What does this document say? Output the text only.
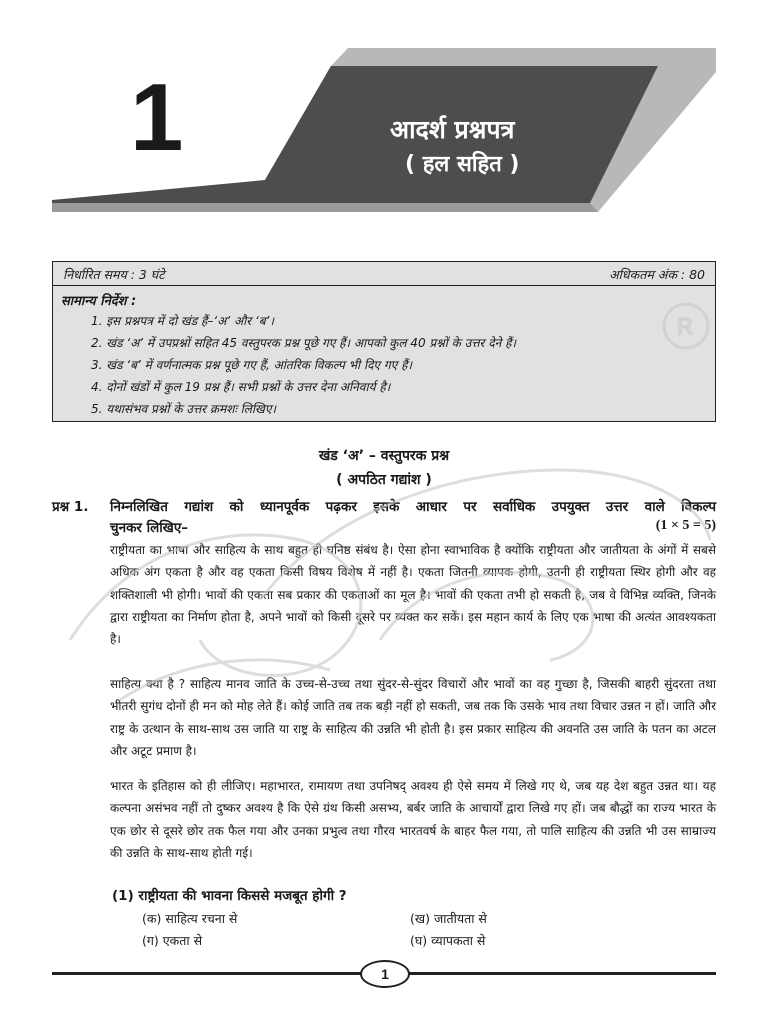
1	आदर्श प्रश्नपत्र
( हल सहित )
निर्धारित समय : 3 घंटे	अधिकतम अंक : 80
सामान्य निर्देश :
1. इस प्रश्नपत्र में दो खंड हैं–‘अ’ और ‘ब’।
2. खंड ‘अ’ में उपप्रश्नों सहित 45 वस्तुपरक प्रश्न पूछे गए हैं। आपको कुल 40 प्रश्नों के उत्तर देने हैं।
3. खंड ‘ब’ में वर्णनात्मक प्रश्न पूछे गए हैं, आंतरिक विकल्प भी दिए गए हैं।
4. दोनों खंडों में कुल 19 प्रश्न हैं। सभी प्रश्नों के उत्तर देना अनिवार्य है।
5. यथासंभव प्रश्नों के उत्तर क्रमशः लिखिए।
खंड ‘अ’ – वस्तुपरक प्रश्न
( अपठित गद्यांश )
प्रश्न 1. निम्नलिखित गद्यांश को ध्यानपूर्वक पढ़कर इसके आधार पर सर्वाधिक उपयुक्त उत्तर वाले विकल्प
चुनकर लिखिए–	(1 × 5 = 5)
राष्ट्रीयता का भाषा और साहित्य के साथ बहुत ही घनिष्ठ संबंध है। ऐसा होना स्वाभाविक है क्योंकि राष्ट्रीयता और जातीयता के अंगों में सबसे अधिक अंग एकता है और वह एकता किसी विषय विशेष में नहीं है। एकता जितनी व्यापक होगी, उतनी ही राष्ट्रीयता स्थिर होगी और वह शक्तिशाली भी होगी। भावों की एकता सब प्रकार की एकताओं का मूल है। भावों की एकता तभी हो सकती है, जब वे विभिन्न व्यक्ति, जिनके द्वारा राष्ट्रीयता का निर्माण होता है, अपने भावों को किसी दूसरे पर व्यक्त कर सकें। इस महान कार्य के लिए एक भाषा की अत्यंत आवश्यकता है।
साहित्य क्या है ? साहित्य मानव जाति के उच्च-से-उच्च तथा सुंदर-से-सुंदर विचारों और भावों का वह गुच्छा है, जिसकी बाहरी सुंदरता तथा भीतरी सुगंध दोनों ही मन को मोह लेते हैं। कोई जाति तब तक बड़ी नहीं हो सकती, जब तक कि उसके भाव तथा विचार उन्नत न हों। जाति और राष्ट्र के उत्थान के साथ-साथ उस जाति या राष्ट्र के साहित्य की उन्नति भी होती है। इस प्रकार साहित्य की अवनति उस जाति के पतन का अटल और अटूट प्रमाण है।
भारत के इतिहास को ही लीजिए। महाभारत, रामायण तथा उपनिषद् अवश्य ही ऐसे समय में लिखे गए थे, जब यह देश बहुत उन्नत था। यह कल्पना असंभव नहीं तो दुष्कर अवश्य है कि ऐसे ग्रंथ किसी असभ्य, बर्बर जाति के आचार्यों द्वारा लिखे गए हों। जब बौद्धों का राज्य भारत के एक छोर से दूसरे छोर तक फैल गया और उनका प्रभुत्व तथा गौरव भारतवर्ष के बाहर फैल गया, तो पालि साहित्य की उन्नति भी उस साम्राज्य की उन्नति के साथ-साथ होती गई।
(1) राष्ट्रीयता की भावना किससे मजबूत होगी ?
(क) साहित्य रचना से	(ख) जातीयता से
(ग) एकता से	(घ) व्यापकता से
R
1
